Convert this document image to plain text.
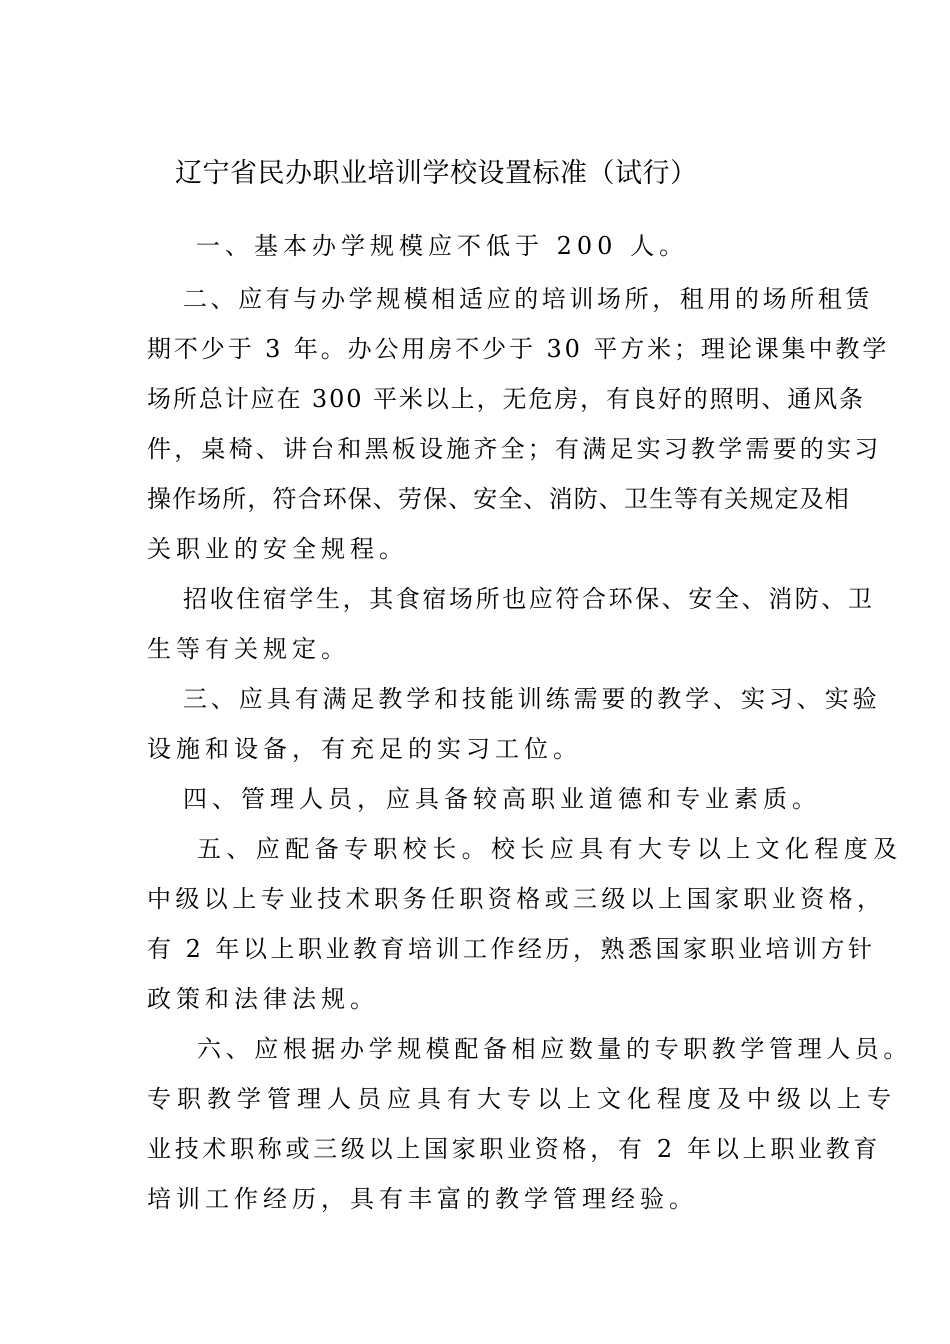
辽宁省民办职业培训学校设置标准（试行）
一、基本办学规模应不低于 200 人。
二、应有与办学规模相适应的培训场所，租用的场所租赁
期不少于 3 年。办公用房不少于 30 平方米；理论课集中教学
场所总计应在 300 平米以上，无危房，有良好的照明、通风条
件，桌椅、讲台和黑板设施齐全；有满足实习教学需要的实习
操作场所，符合环保、劳保、安全、消防、卫生等有关规定及相
关职业的安全规程。
招收住宿学生，其食宿场所也应符合环保、安全、消防、卫
生等有关规定。
三、应具有满足教学和技能训练需要的教学、实习、实验
设施和设备，有充足的实习工位。
四、管理人员，应具备较高职业道德和专业素质。
五、应配备专职校长。校长应具有大专以上文化程度及
中级以上专业技术职务任职资格或三级以上国家职业资格，
有 2 年以上职业教育培训工作经历，熟悉国家职业培训方针
政策和法律法规。
六、应根据办学规模配备相应数量的专职教学管理人员。
专职教学管理人员应具有大专以上文化程度及中级以上专
业技术职称或三级以上国家职业资格，有 2 年以上职业教育
培训工作经历，具有丰富的教学管理经验。
